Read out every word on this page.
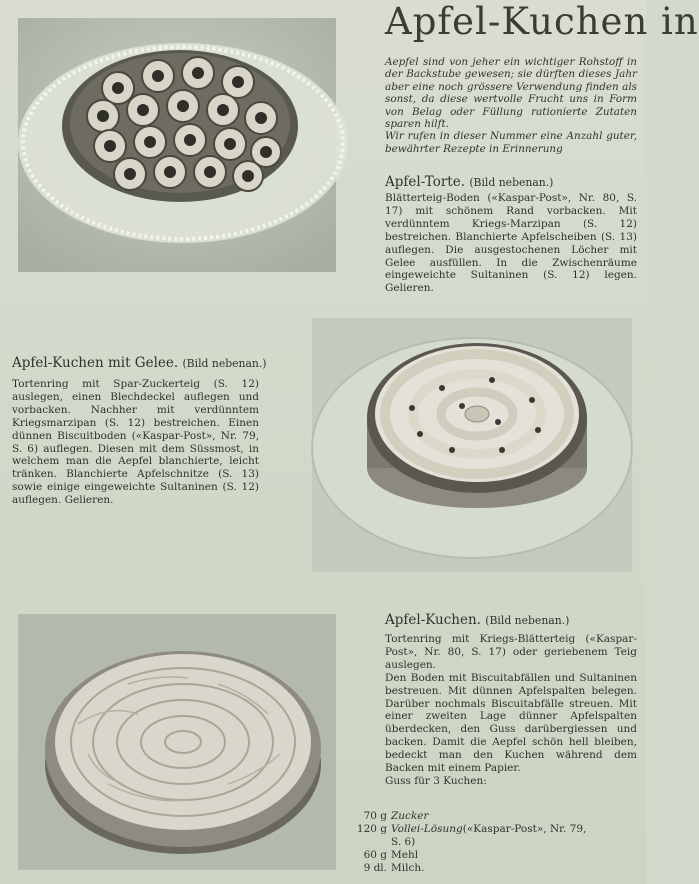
Apfel-Kuchen in

Aepfel sind von jeher ein wichtiger Rohstoff in der Backstube gewesen; sie dürften dieses Jahr aber eine noch grössere Verwendung finden als sonst, da diese wertvolle Frucht uns in Form von Belag oder Füllung rationierte Zutaten sparen hilft.

Wir rufen in dieser Nummer eine Anzahl guter, bewährter Rezepte in Erinnerung

Apfel-Torte. (Bild nebenan.)

Blätterteig-Boden («Kaspar-Post», Nr. 80, S. 17) mit schönem Rand vorbacken. Mit verdünntem Kriegs-Marzipan (S. 12) bestreichen. Blanchierte Apfelscheiben (S. 13) auflegen. Die ausgestochenen Löcher mit Gelee ausfüllen. In die Zwischenräume eingeweichte Sultaninen (S. 12) legen. Gelieren.

Apfel-Kuchen mit Gelee. (Bild nebenan.)

Tortenring mit Spar-Zuckerteig (S. 12) auslegen, einen Blechdeckel auflegen und vorbacken. Nachher mit verdünntem Kriegsmarzipan (S. 12) bestreichen. Einen dünnen Biscuitboden («Kaspar-Post», Nr. 79, S. 6) auflegen. Diesen mit dem Süssmost, in welchem man die Aepfel blanchierte, leicht tränken. Blanchierte Apfelschnitze (S. 13) sowie einige eingeweichte Sultaninen (S. 12) auflegen. Gelieren.

Apfel-Kuchen. (Bild nebenan.)

Tortenring mit Kriegs-Blätterteig («Kaspar-Post», Nr. 80, S. 17) oder geriebenem Teig auslegen.

Den Boden mit Biscuitabfällen und Sultaninen bestreuen. Mit dünnen Apfelspalten belegen. Darüber nochmals Biscuitabfälle streuen. Mit einer zweiten Lage dünner Apfelspalten überdecken, den Guss darübergiessen und backen. Damit die Aepfel schön hell bleiben, bedeckt man den Kuchen während dem Backen mit einem Papier.

Guss für 3 Kuchen:

70 g Zucker
120 g Vollei-Lösung («Kaspar-Post», Nr. 79,
S. 6)
60 g Mehl
9 dl. Milch.
